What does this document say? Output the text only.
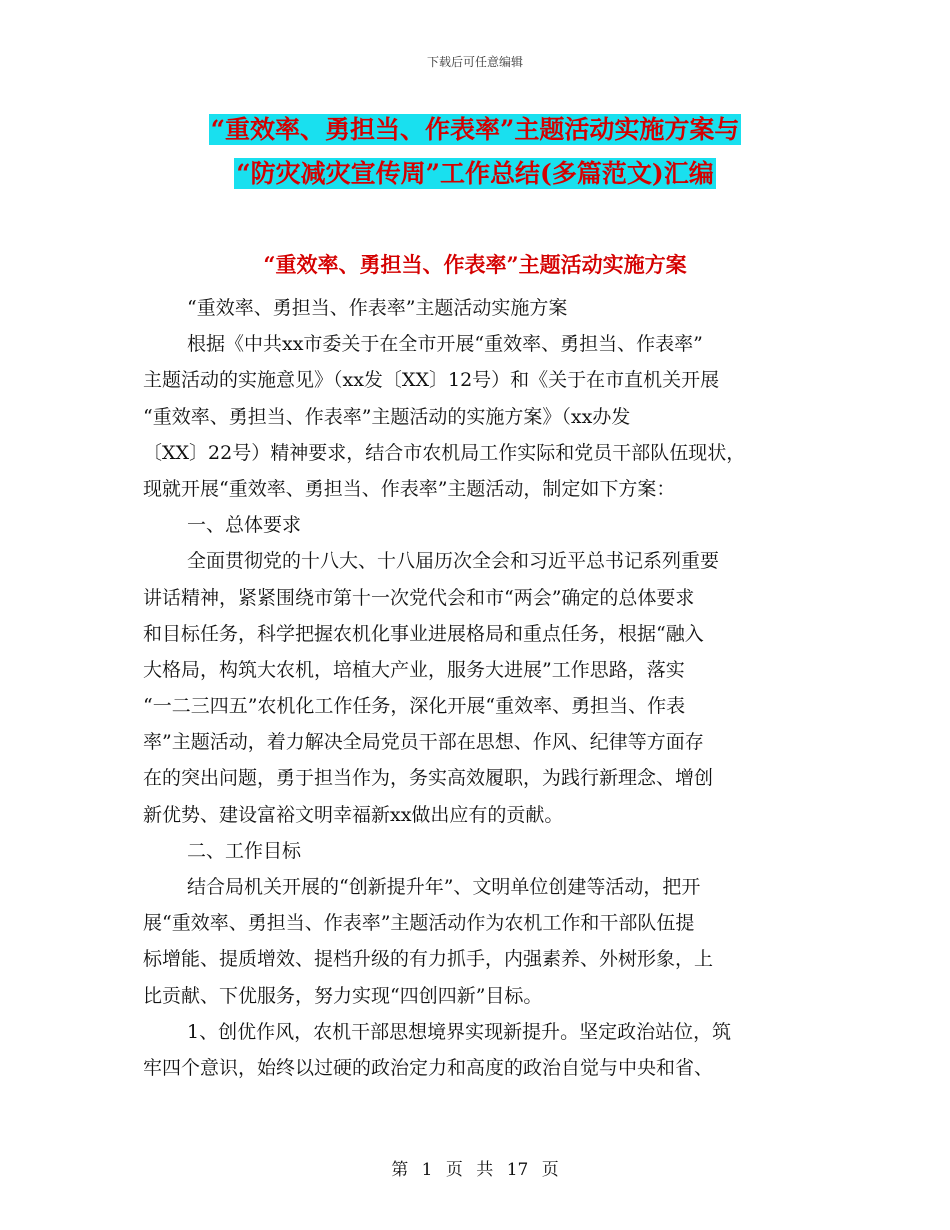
下载后可任意编辑
“重效率、勇担当、作表率”主题活动实施方案与
“防灾减灾宣传周”工作总结(多篇范文)汇编
“重效率、勇担当、作表率”主题活动实施方案
“重效率、勇担当、作表率”主题活动实施方案
根据《中共xx市委关于在全市开展“重效率、勇担当、作表率”
主题活动的实施意见》（xx发〔XX〕12号）和《关于在市直机关开展
“重效率、勇担当、作表率”主题活动的实施方案》（xx办发
〔XX〕22号）精神要求，结合市农机局工作实际和党员干部队伍现状，
现就开展“重效率、勇担当、作表率”主题活动，制定如下方案：
一、总体要求
全面贯彻党的十八大、十八届历次全会和习近平总书记系列重要
讲话精神，紧紧围绕市第十一次党代会和市“两会”确定的总体要求
和目标任务，科学把握农机化事业进展格局和重点任务，根据“融入
大格局，构筑大农机，培植大产业，服务大进展”工作思路，落实
“一二三四五”农机化工作任务，深化开展“重效率、勇担当、作表
率”主题活动，着力解决全局党员干部在思想、作风、纪律等方面存
在的突出问题，勇于担当作为，务实高效履职，为践行新理念、增创
新优势、建设富裕文明幸福新xx做出应有的贡献。
二、工作目标
结合局机关开展的“创新提升年”、文明单位创建等活动，把开
展“重效率、勇担当、作表率”主题活动作为农机工作和干部队伍提
标增能、提质增效、提档升级的有力抓手，内强素养、外树形象，上
比贡献、下优服务，努力实现“四创四新”目标。
1、创优作风，农机干部思想境界实现新提升。坚定政治站位，筑
牢四个意识，始终以过硬的政治定力和高度的政治自觉与中央和省、
第 1 页 共 17 页
